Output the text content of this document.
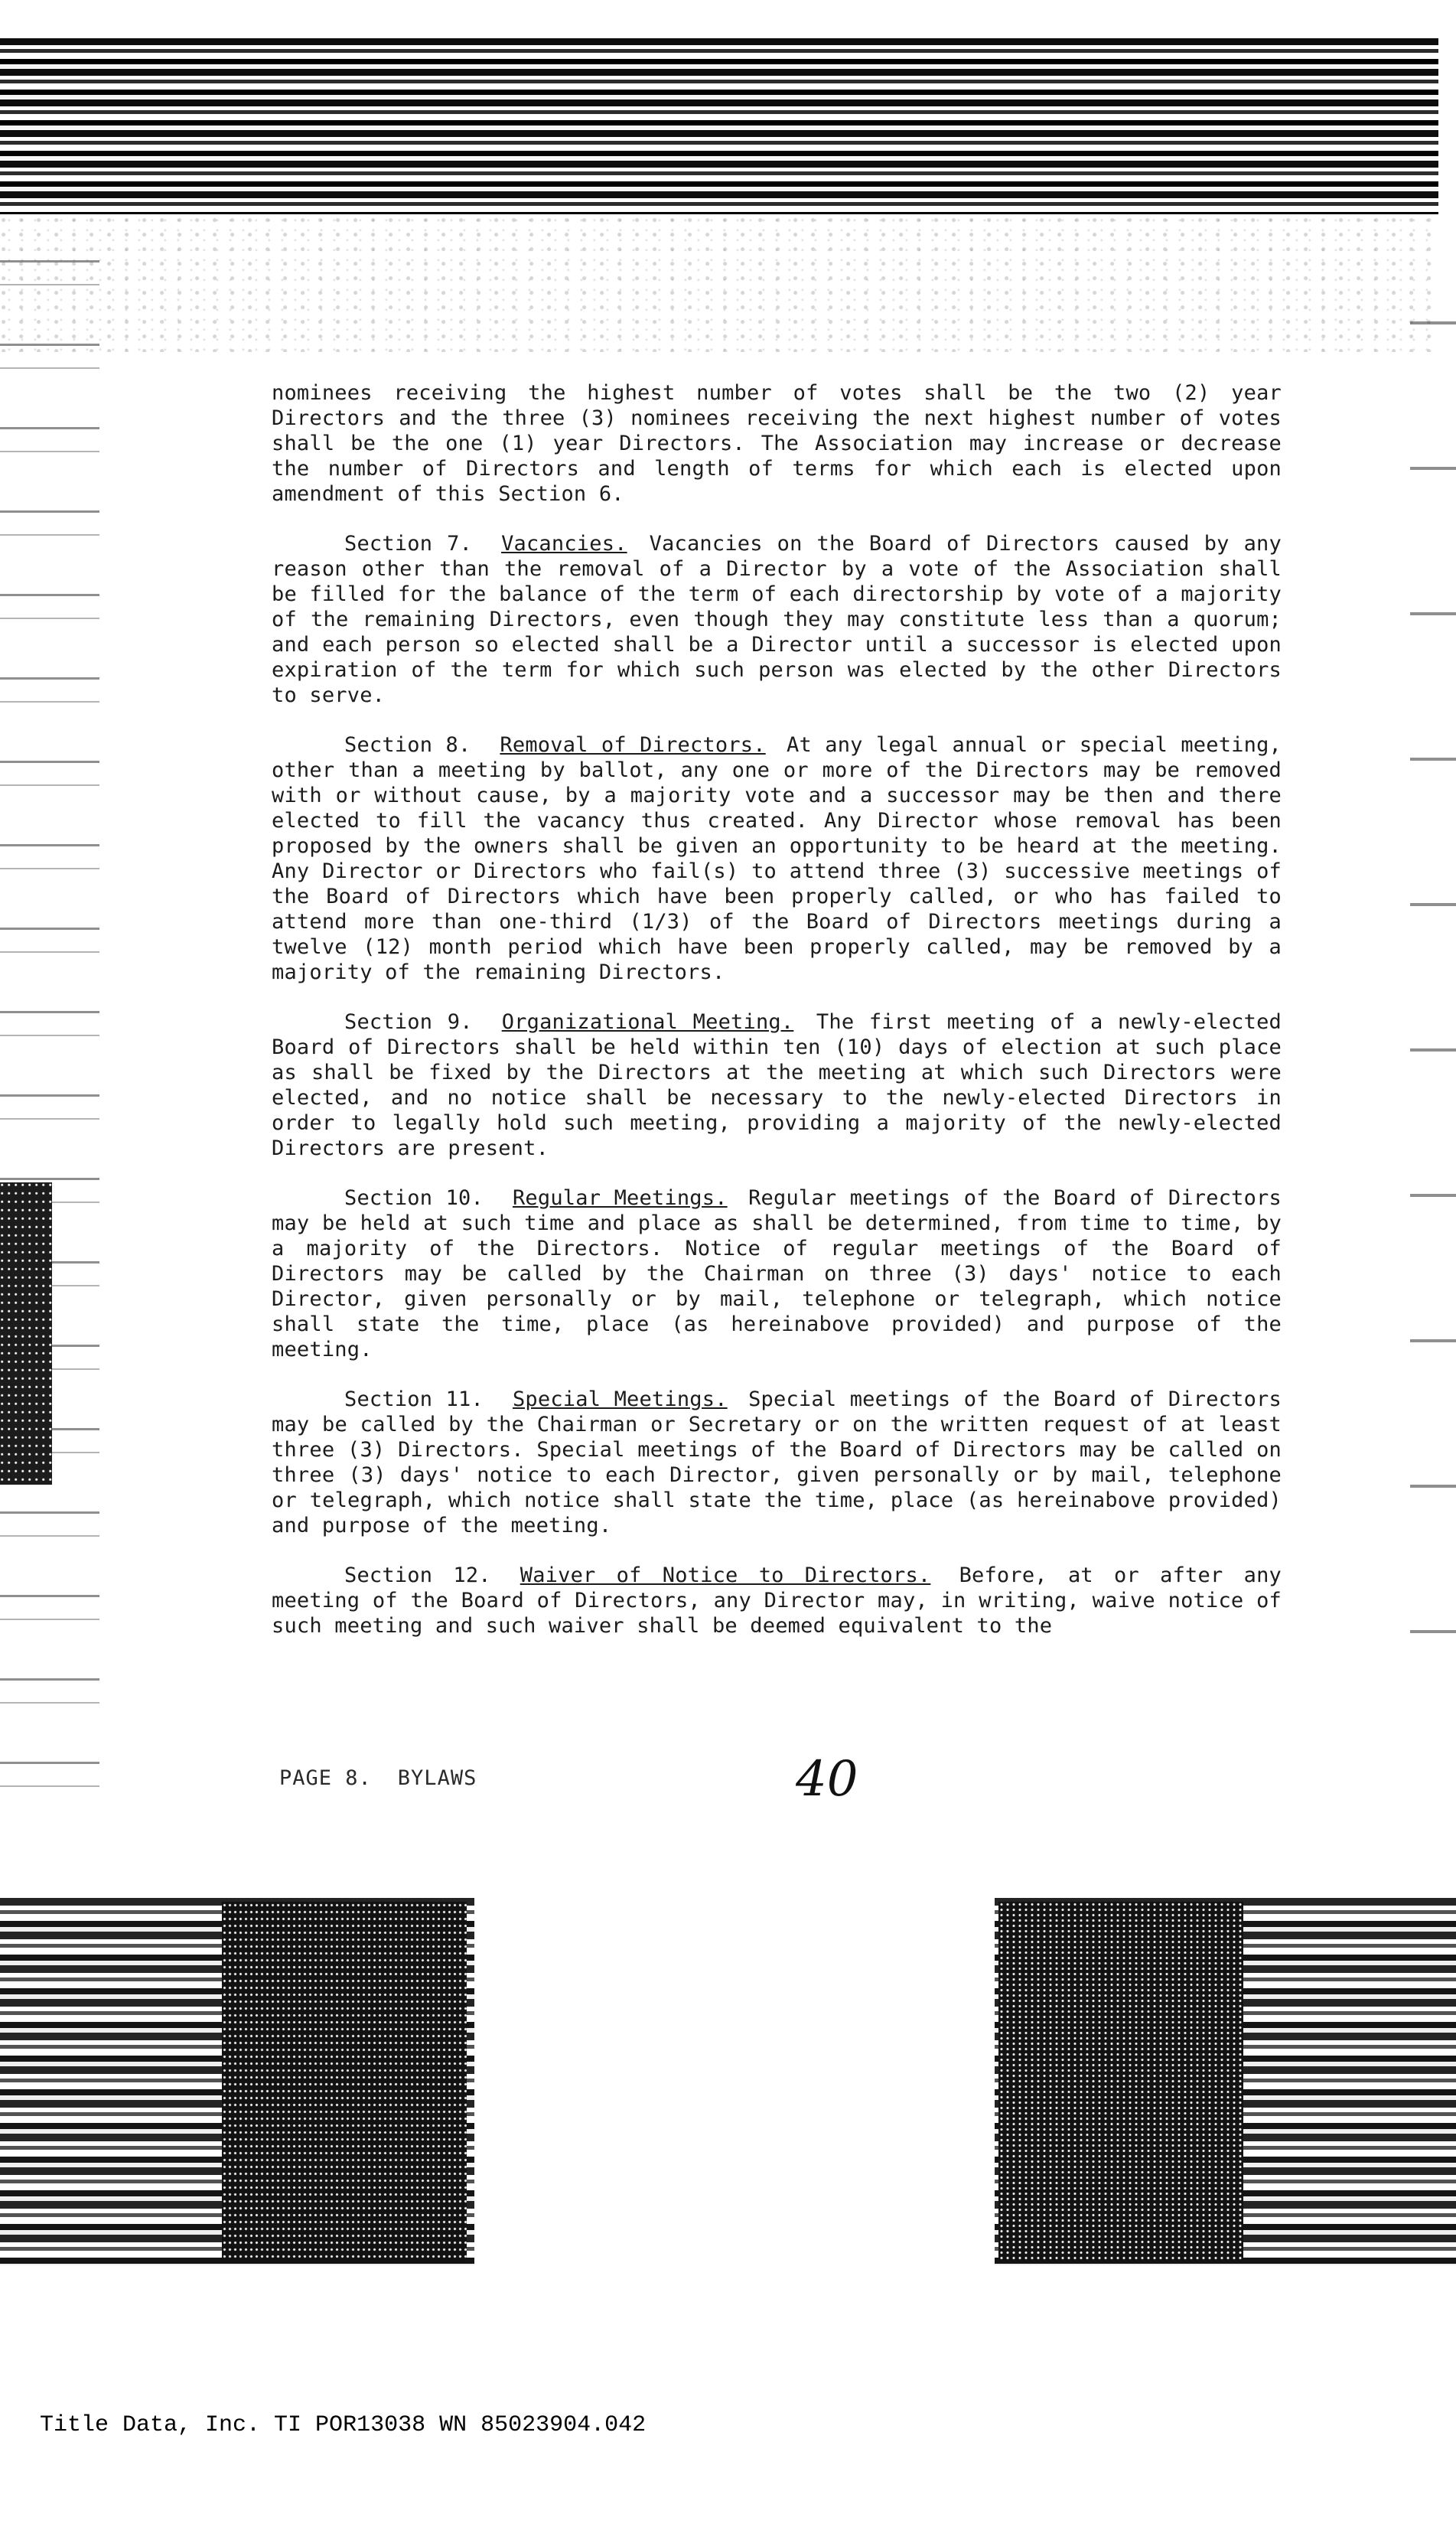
nominees receiving the highest number of votes shall be the two (2) year Directors and the three (3) nominees receiving the next highest number of votes shall be the one (1) year Directors. The Association may increase or decrease the number of Directors and length of terms for which each is elected upon amendment of this Section 6.

Section 7. Vacancies. Vacancies on the Board of Directors caused by any reason other than the removal of a Director by a vote of the Association shall be filled for the balance of the term of each directorship by vote of a majority of the remaining Directors, even though they may constitute less than a quorum; and each person so elected shall be a Director until a successor is elected upon expiration of the term for which such person was elected by the other Directors to serve.

Section 8. Removal of Directors. At any legal annual or special meeting, other than a meeting by ballot, any one or more of the Directors may be removed with or without cause, by a majority vote and a successor may be then and there elected to fill the vacancy thus created. Any Director whose removal has been proposed by the owners shall be given an opportunity to be heard at the meeting. Any Director or Directors who fail(s) to attend three (3) successive meetings of the Board of Directors which have been properly called, or who has failed to attend more than one-third (1/3) of the Board of Directors meetings during a twelve (12) month period which have been properly called, may be removed by a majority of the remaining Directors.

Section 9. Organizational Meeting. The first meeting of a newly-elected Board of Directors shall be held within ten (10) days of election at such place as shall be fixed by the Directors at the meeting at which such Directors were elected, and no notice shall be necessary to the newly-elected Directors in order to legally hold such meeting, providing a majority of the newly-elected Directors are present.

Section 10. Regular Meetings. Regular meetings of the Board of Directors may be held at such time and place as shall be determined, from time to time, by a majority of the Directors. Notice of regular meetings of the Board of Directors may be called by the Chairman on three (3) days' notice to each Director, given personally or by mail, telephone or telegraph, which notice shall state the time, place (as hereinabove provided) and purpose of the meeting.

Section 11. Special Meetings. Special meetings of the Board of Directors may be called by the Chairman or Secretary or on the written request of at least three (3) Directors. Special meetings of the Board of Directors may be called on three (3) days' notice to each Director, given personally or by mail, telephone or telegraph, which notice shall state the time, place (as hereinabove provided) and purpose of the meeting.

Section 12. Waiver of Notice to Directors. Before, at or after any meeting of the Board of Directors, any Director may, in writing, waive notice of such meeting and such waiver shall be deemed equivalent to the

PAGE 8. BYLAWS	40
Title Data, Inc. TI POR13038 WN 85023904.042
